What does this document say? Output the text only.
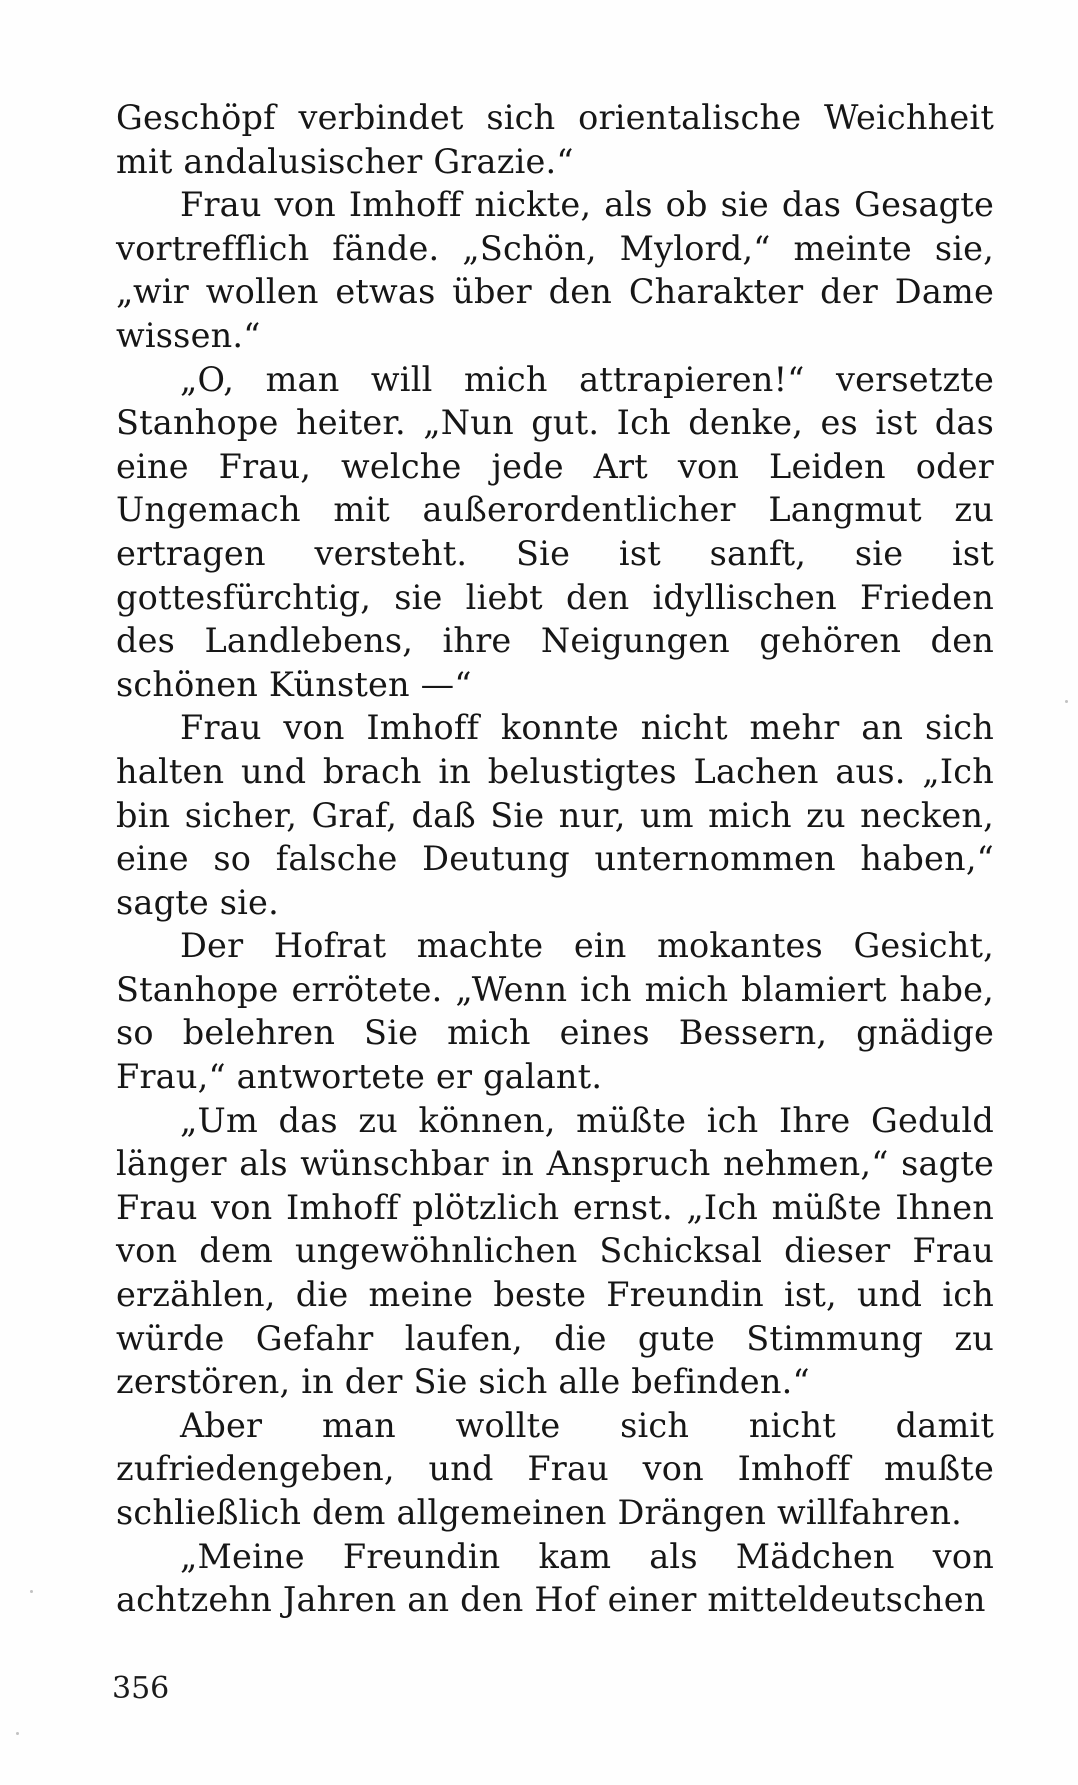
Geschöpf verbindet sich orientalische Weichheit mit andalusischer Grazie.“

Frau von Imhoff nickte, als ob sie das Gesagte vortrefflich fände. „Schön, Mylord,“ meinte sie, „wir wollen etwas über den Charakter der Dame wissen.“

„O, man will mich attrapieren!“ versetzte Stanhope heiter. „Nun gut. Ich denke, es ist das eine Frau, welche jede Art von Leiden oder Ungemach mit außerordentlicher Langmut zu ertragen versteht. Sie ist sanft, sie ist gottesfürchtig, sie liebt den idyllischen Frieden des Landlebens, ihre Neigungen gehören den schönen Künsten —“

Frau von Imhoff konnte nicht mehr an sich halten und brach in belustigtes Lachen aus. „Ich bin sicher, Graf, daß Sie nur, um mich zu necken, eine so falsche Deutung unternommen haben,“ sagte sie.

Der Hofrat machte ein mokantes Gesicht, Stanhope errötete. „Wenn ich mich blamiert habe, so belehren Sie mich eines Bessern, gnädige Frau,“ antwortete er galant.

„Um das zu können, müßte ich Ihre Geduld länger als wünschbar in Anspruch nehmen,“ sagte Frau von Imhoff plötzlich ernst. „Ich müßte Ihnen von dem ungewöhnlichen Schicksal dieser Frau erzählen, die meine beste Freundin ist, und ich würde Gefahr laufen, die gute Stimmung zu zerstören, in der Sie sich alle befinden.“

Aber man wollte sich nicht damit zufriedengeben, und Frau von Imhoff mußte schließlich dem allgemeinen Drängen willfahren.

„Meine Freundin kam als Mädchen von achtzehn Jahren an den Hof einer mitteldeutschen

356
